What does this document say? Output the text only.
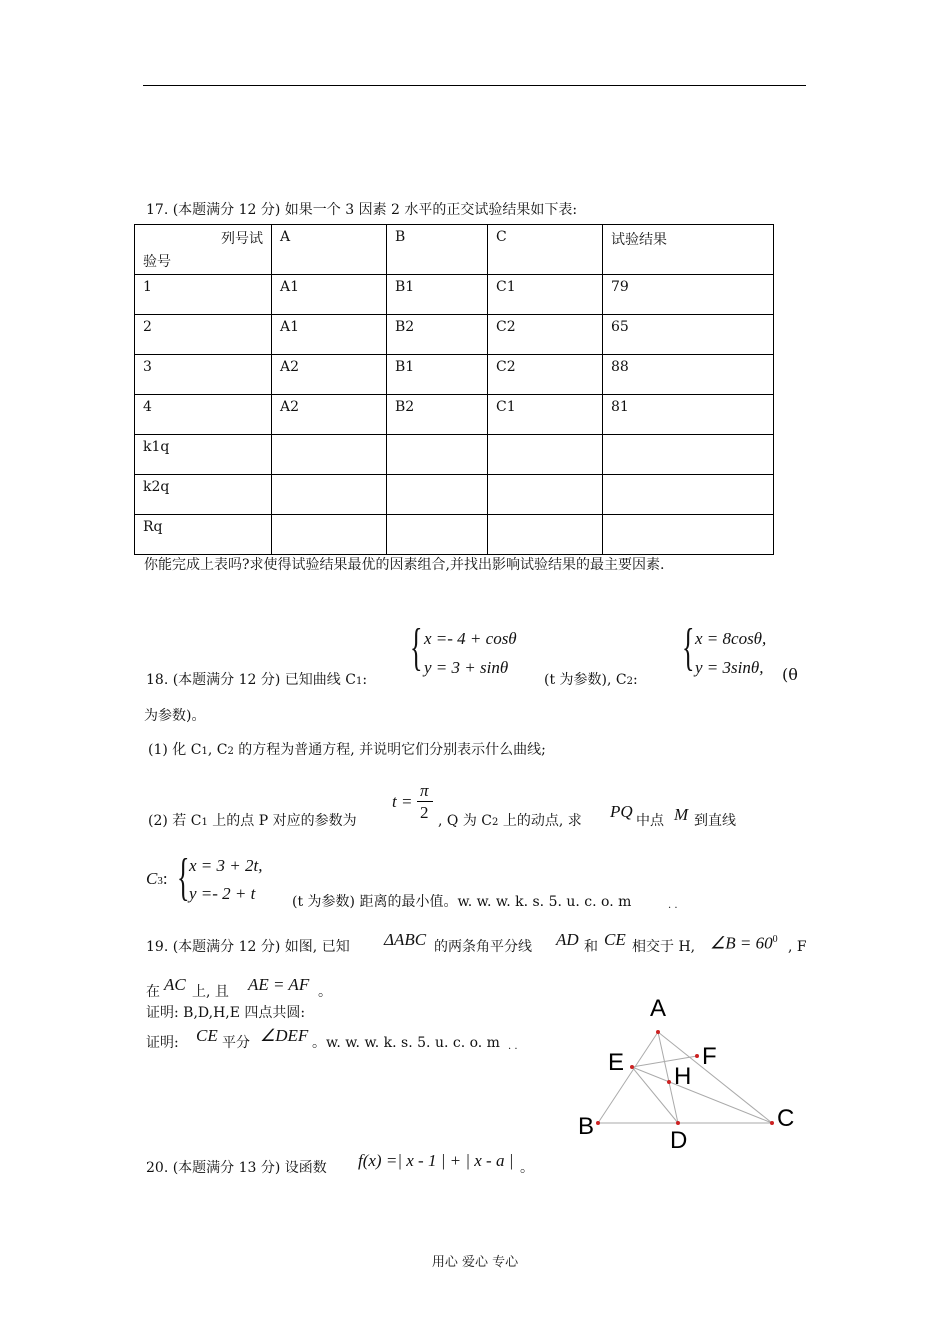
17. (本题满分 12 分) 如果一个 3 因素 2 水平的正交试验结果如下表:
列号试
验号	A	B	C	试验结果
1	A1	B1	C1	79
2	A1	B2	C2	65
3	A2	B1	C2	88
4	A2	B2	C1	81
k1q				
k2q				
Rq				
你能完成上表吗?求使得试验结果最优的因素组合,并找出影响试验结果的最主要因素.
{ x =- 4 + cosθ
y = 3 + sinθ	{ x = 8cosθ,
y = 3sinθ,
18. (本题满分 12 分) 已知曲线 C1:	(t 为参数), C2:	(θ
为参数)。
(1) 化 C1, C2 的方程为普通方程, 并说明它们分别表示什么曲线;
(2) 若 C1 上的点 P 对应的参数为
t =
π
2 , Q 为 C2 上的动点, 求 PQ 中点 M 到直线
C3: { x = 3 + 2t,
y =- 2 + t	(t 为参数) 距离的最小值。w. w. w. k. s. 5. u. c. o. m	. .
19. (本题满分 12 分) 如图, 已知 ΔABC 的两条角平分线 AD 和 CE 相交于 H, ∠B = $60^0$ , F
在 AC 上, 且 AE = AF 。
证明: B,D,H,E 四点共圆:
证明: CE 平分 ∠DEF 。w. w. w. k. s. 5. u. c. o. m . .
A
B	C
D
E	F
H
20. (本题满分 13 分) 设函数 f(x) =| x - 1 | + | x - a | 。
用心 爱心 专心
